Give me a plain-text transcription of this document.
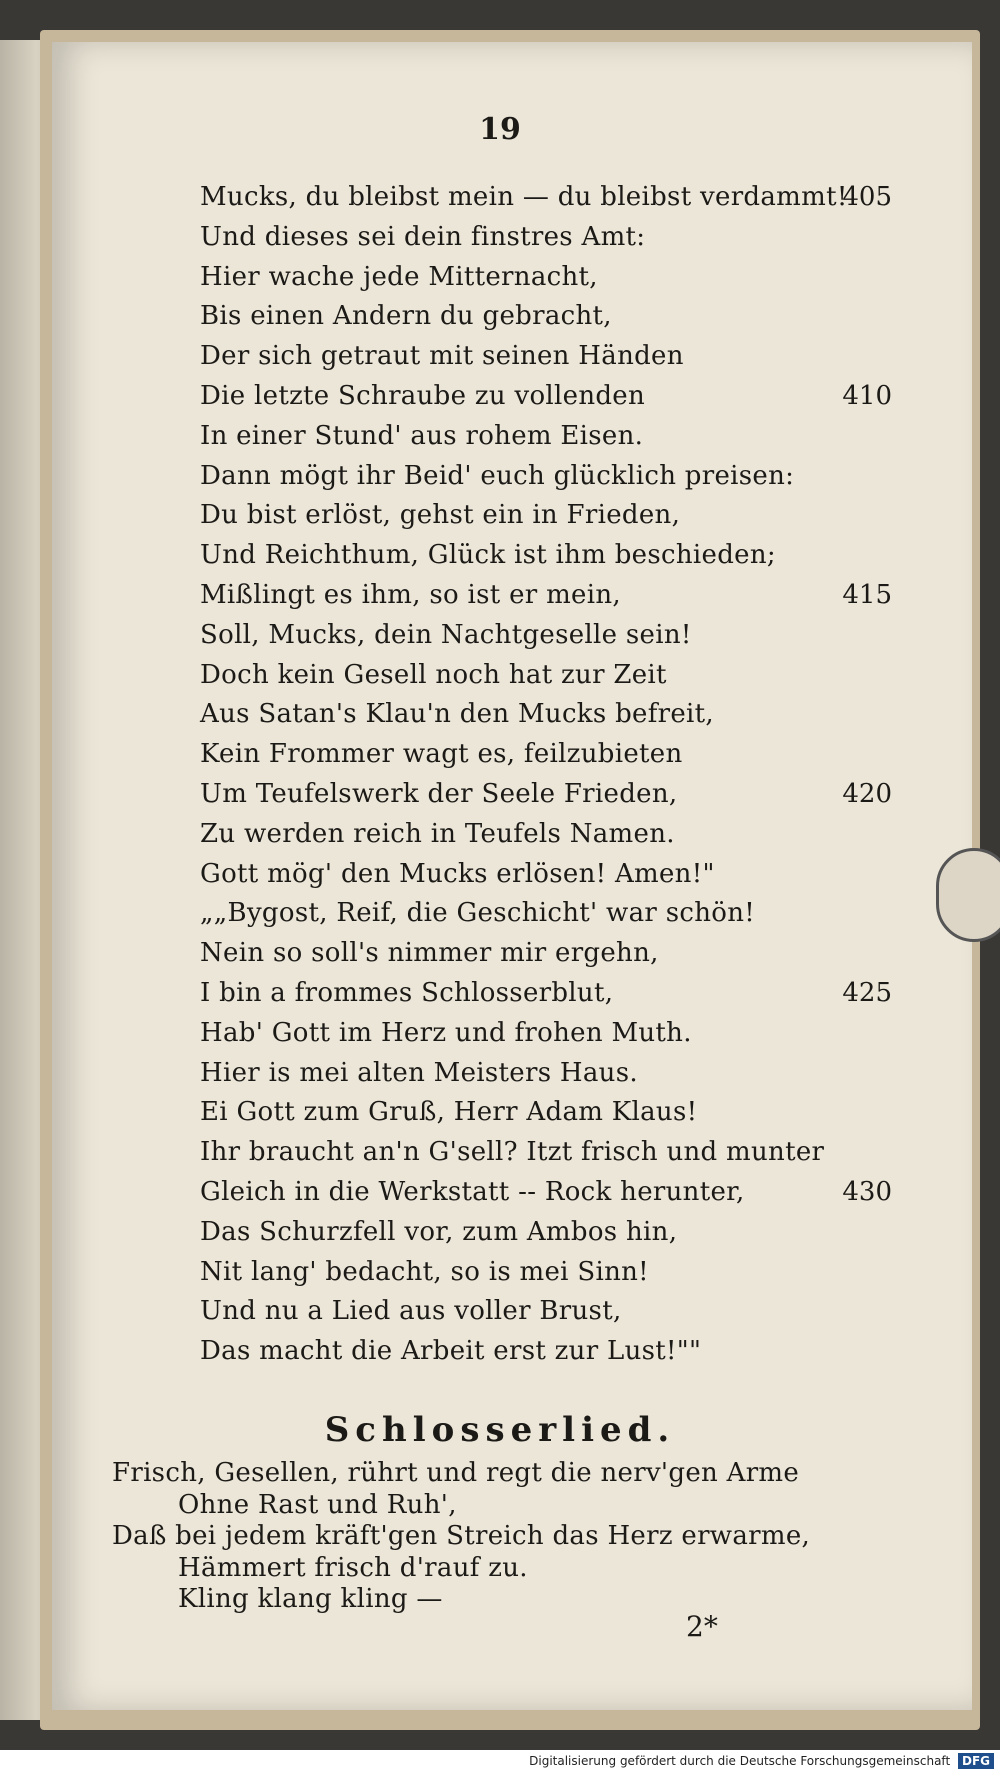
19
Mucks, du bleibst mein — du bleibst verdammt!
405
Und dieses sei dein finstres Amt:
Hier wache jede Mitternacht,
Bis einen Andern du gebracht,
Der sich getraut mit seinen Händen
Die letzte Schraube zu vollenden	410
In einer Stund' aus rohem Eisen.
Dann mögt ihr Beid' euch glücklich preisen:
Du bist erlöst, gehst ein in Frieden,
Und Reichthum, Glück ist ihm beschieden;
Mißlingt es ihm, so ist er mein,	415
Soll, Mucks, dein Nachtgeselle sein!
Doch kein Gesell noch hat zur Zeit
Aus Satan's Klau'n den Mucks befreit,
Kein Frommer wagt es, feilzubieten
Um Teufelswerk der Seele Frieden,	420
Zu werden reich in Teufels Namen.
Gott mög' den Mucks erlösen! Amen!"
„„Bygost, Reif, die Geschicht' war schön!
Nein so soll's nimmer mir ergehn,
I bin a frommes Schlosserblut,	425
Hab' Gott im Herz und frohen Muth.
Hier is mei alten Meisters Haus.
Ei Gott zum Gruß, Herr Adam Klaus!
Ihr braucht an'n G'sell? Itzt frisch und munter
Gleich in die Werkstatt -- Rock herunter,	430
Das Schurzfell vor, zum Ambos hin,
Nit lang' bedacht, so is mei Sinn!
Und nu a Lied aus voller Brust,
Das macht die Arbeit erst zur Lust!""
Schlosserlied.
Frisch, Gesellen, rührt und regt die nerv'gen Arme
Ohne Rast und Ruh',
Daß bei jedem kräft'gen Streich das Herz erwarme,
Hämmert frisch d'rauf zu.
Kling klang kling —
2*
Digitalisierung gefördert durch die Deutsche Forschungsgemeinschaft DFG
